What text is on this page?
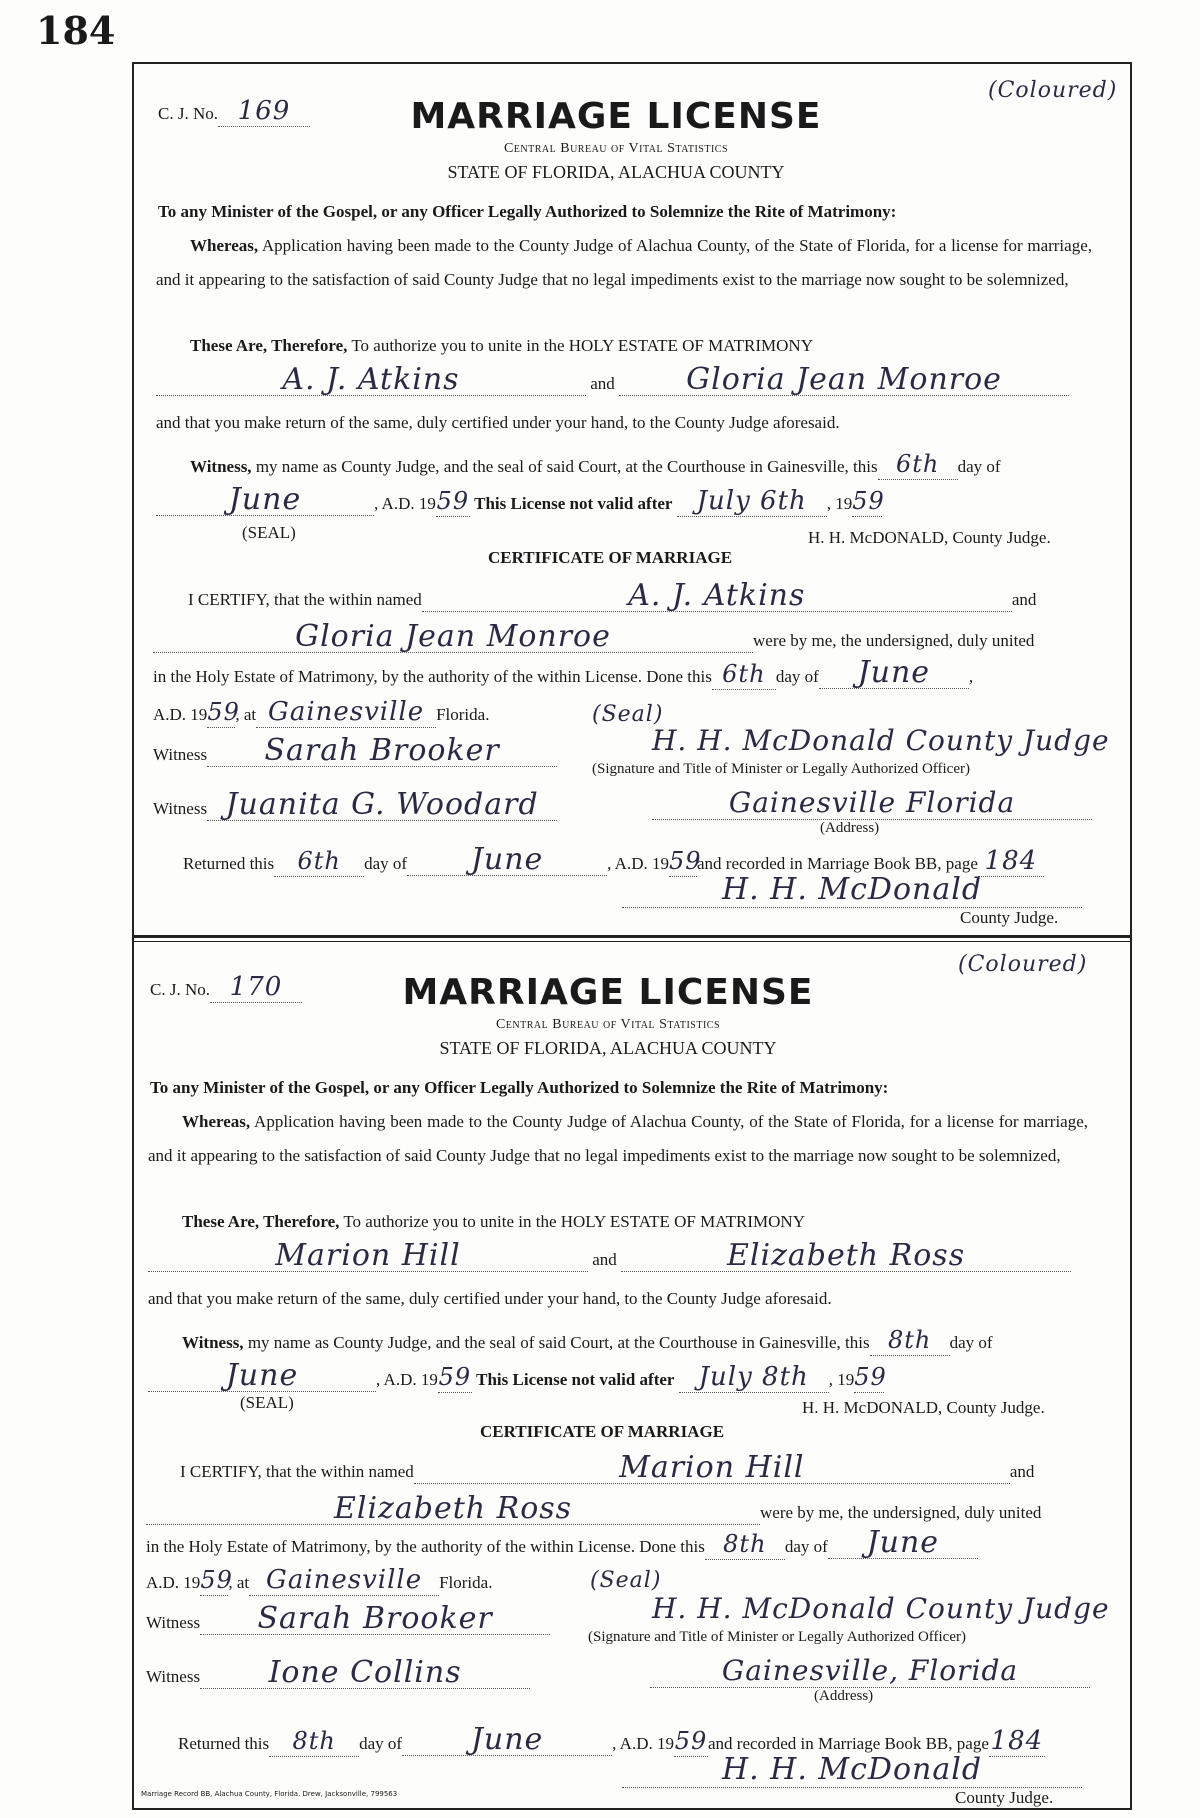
184
C. J. No. 169
(Coloured)
MARRIAGE LICENSE
Central Bureau of Vital Statistics
STATE OF FLORIDA, ALACHUA COUNTY
To any Minister of the Gospel, or any Officer Legally Authorized to Solemnize the Rite of Matrimony:
Whereas, Application having been made to the County Judge of Alachua County, of the State of Florida, for a license for marriage, and it appearing to the satisfaction of said County Judge that no legal impediments exist to the marriage now sought to be solemnized,
These Are, Therefore, To authorize you to unite in the HOLY ESTATE OF MATRIMONY
A. J. Atkins	and Gloria Jean Monroe
and that you make return of the same, duly certified under your hand, to the County Judge aforesaid.
Witness, my name as County Judge, and the seal of said Court, at the Courthouse in Gainesville, this 6th day of
June	, A.D. 1959 This License not valid after July 6th , 1959
(SEAL)	H. H. McDONALD, County Judge.
CERTIFICATE OF MARRIAGE
I CERTIFY, that the within named	A. J. Atkins	and
Gloria Jean Monroe	were by me, the undersigned, duly united
in the Holy Estate of Matrimony, by the authority of the within License. Done this 6th day of June ,
A.D. 1959, at Gainesville Florida.
Witness Sarah Brooker
(Seal)
H. H. McDonald County Judge
(Signature and Title of Minister or Legally Authorized Officer)
Witness Juanita G. Woodard	Gainesville Florida
(Address)
Returned this 6th day of June	, A.D. 1959and recorded in Marriage Book BB, page 184
H. H. McDonald
County Judge.
C. J. No. 170
(Coloured)
MARRIAGE LICENSE
Central Bureau of Vital Statistics
STATE OF FLORIDA, ALACHUA COUNTY
To any Minister of the Gospel, or any Officer Legally Authorized to Solemnize the Rite of Matrimony:
Whereas, Application having been made to the County Judge of Alachua County, of the State of Florida, for a license for marriage, and it appearing to the satisfaction of said County Judge that no legal impediments exist to the marriage now sought to be solemnized,
These Are, Therefore, To authorize you to unite in the HOLY ESTATE OF MATRIMONY
Marion Hill	and	Elizabeth Ross
and that you make return of the same, duly certified under your hand, to the County Judge aforesaid.
Witness, my name as County Judge, and the seal of said Court, at the Courthouse in Gainesville, this 8th day of
June	, A.D. 1959 This License not valid after July 8th , 1959
(SEAL)	H. H. McDONALD, County Judge.
CERTIFICATE OF MARRIAGE
I CERTIFY, that the within named	Marion Hill	and
Elizabeth Ross	were by me, the undersigned, duly united
in the Holy Estate of Matrimony, by the authority of the within License. Done this 8th day of June
A.D. 1959, at Gainesville Florida.
Witness Sarah Brooker
(Seal)
H. H. McDonald County Judge
(Signature and Title of Minister or Legally Authorized Officer)
Witness Ione Collins	Gainesville, Florida
(Address)
Returned this 8th day of June	, A.D. 1959and recorded in Marriage Book BB, page184
H. H. McDonald
County Judge.
Marriage Record BB, Alachua County, Florida. Drew, Jacksonville, 799563
